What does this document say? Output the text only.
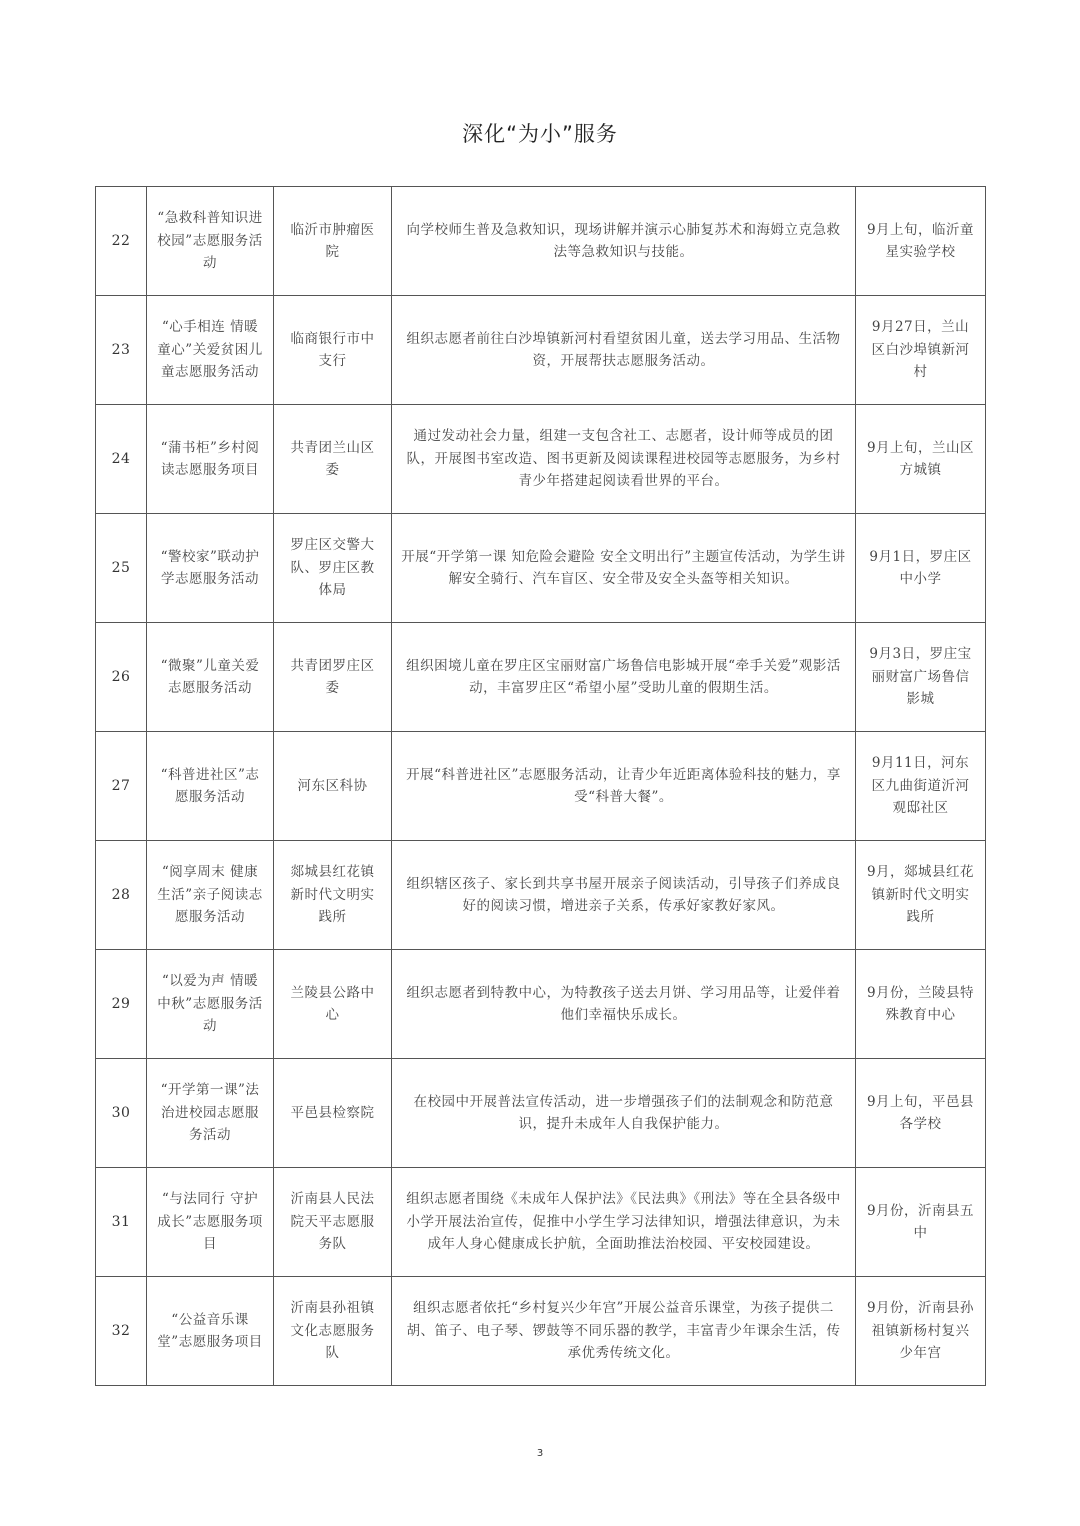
深化“为小”服务
22	“急救科普知识进校园”志愿服务活动	临沂市肿瘤医院	向学校师生普及急救知识，现场讲解并演示心肺复苏术和海姆立克急救法等急救知识与技能。	9月上旬，临沂童星实验学校
23	“心手相连 情暖童心”关爱贫困儿童志愿服务活动	临商银行市中支行	组织志愿者前往白沙埠镇新河村看望贫困儿童，送去学习用品、生活物资，开展帮扶志愿服务活动。	9月27日，兰山区白沙埠镇新河村
24	“蒲书柜”乡村阅读志愿服务项目	共青团兰山区委	通过发动社会力量，组建一支包含社工、志愿者，设计师等成员的团队，开展图书室改造、图书更新及阅读课程进校园等志愿服务，为乡村青少年搭建起阅读看世界的平台。	9月上旬，兰山区方城镇
25	“警校家”联动护学志愿服务活动	罗庄区交警大队、罗庄区教体局	开展“开学第一课 知危险会避险 安全文明出行”主题宣传活动，为学生讲解安全骑行、汽车盲区、安全带及安全头盔等相关知识。	9月1日，罗庄区中小学
26	“微聚”儿童关爱志愿服务活动	共青团罗庄区委	组织困境儿童在罗庄区宝丽财富广场鲁信电影城开展“牵手关爱”观影活动，丰富罗庄区“希望小屋”受助儿童的假期生活。	9月3日，罗庄宝丽财富广场鲁信影城
27	“科普进社区”志愿服务活动	河东区科协	开展“科普进社区”志愿服务活动，让青少年近距离体验科技的魅力，享受“科普大餐”。	9月11日，河东区九曲街道沂河观邸社区
28	“阅享周末 健康生活”亲子阅读志愿服务活动	郯城县红花镇新时代文明实践所	组织辖区孩子、家长到共享书屋开展亲子阅读活动，引导孩子们养成良好的阅读习惯，增进亲子关系，传承好家教好家风。	9月，郯城县红花镇新时代文明实践所
29	“以爱为声 情暖中秋”志愿服务活动	兰陵县公路中心	组织志愿者到特教中心，为特教孩子送去月饼、学习用品等，让爱伴着他们幸福快乐成长。	9月份，兰陵县特殊教育中心
30	“开学第一课”法治进校园志愿服务活动	平邑县检察院	在校园中开展普法宣传活动，进一步增强孩子们的法制观念和防范意识，提升未成年人自我保护能力。	9月上旬，平邑县各学校
31	“与法同行 守护成长”志愿服务项目	沂南县人民法院天平志愿服务队	组织志愿者围绕《未成年人保护法》《民法典》《刑法》等在全县各级中小学开展法治宣传，促推中小学生学习法律知识，增强法律意识，为未成年人身心健康成长护航，全面助推法治校园、平安校园建设。	9月份，沂南县五中
32	“公益音乐课堂”志愿服务项目	沂南县孙祖镇文化志愿服务队	组织志愿者依托“乡村复兴少年宫”开展公益音乐课堂，为孩子提供二胡、笛子、电子琴、锣鼓等不同乐器的教学，丰富青少年课余生活，传承优秀传统文化。	9月份，沂南县孙祖镇新杨村复兴少年宫
3
